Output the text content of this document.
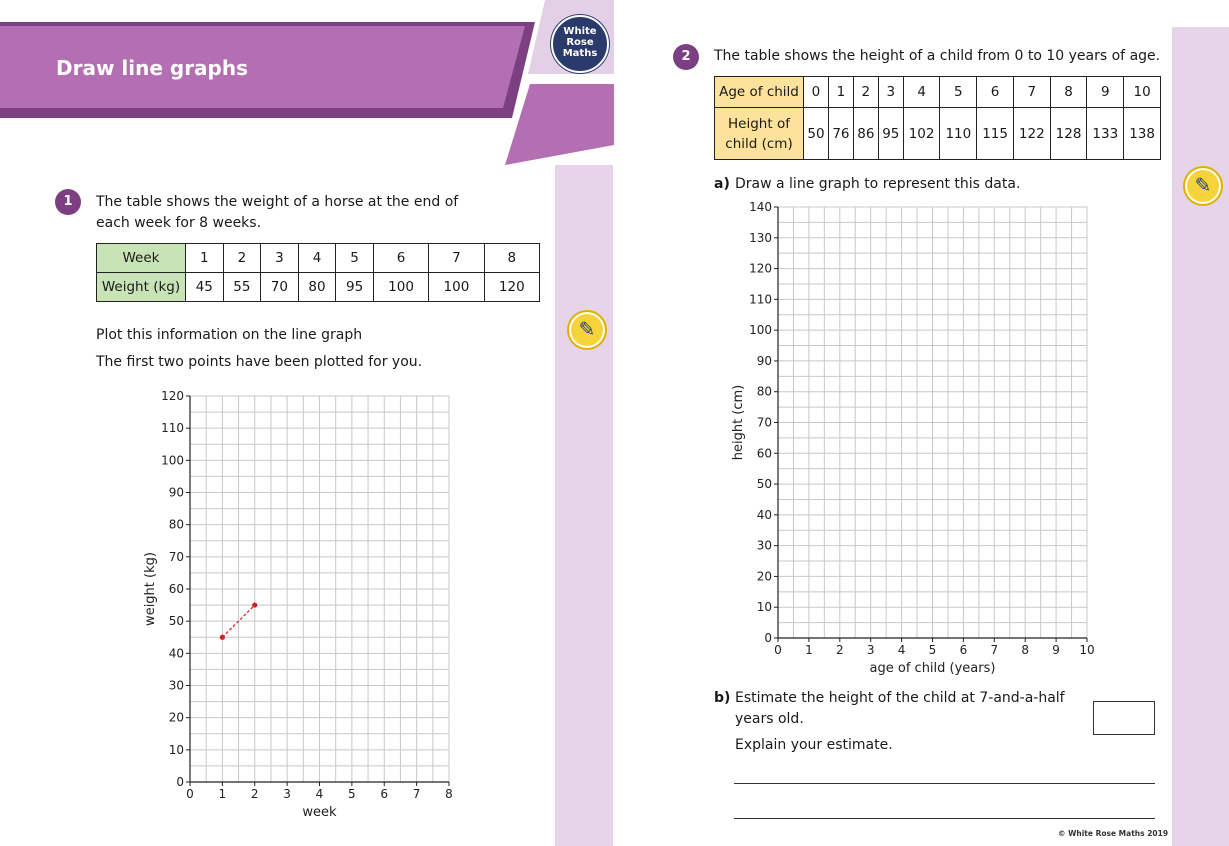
Draw line graphs
White
Rose
Maths
✎
✎
1	The table shows the weight of a horse at the end of each week for 8 weeks.
Week	1	2	3	4	5	6	7	8
Weight (kg)	45	55	70	80	95	100	100	120
Plot this information on the line graph
The first two points have been plotted for you.
0 1 2 3 4 5 6 7 8
0
10
20
30
40
50
60
70
80
90
100
110
120
week
weight (kg)
2	The table shows the height of a child from 0 to 10 years of age.
Age of child	0	1	2	3	4	5	6	7	8	9	10
Height of child (cm)	50	76	86	95	102	110	115	122	128	133	138
a) Draw a line graph to represent this data.
0 1 2 3 4 5 6 7 8 9 10
0
10
20
30
40
50
60
70
80
90
100
110
120
130
140
age of child (years)
height (cm)
b) Estimate the height of the child at 7-and-a-half years old.
Explain your estimate.
© White Rose Maths 2019
